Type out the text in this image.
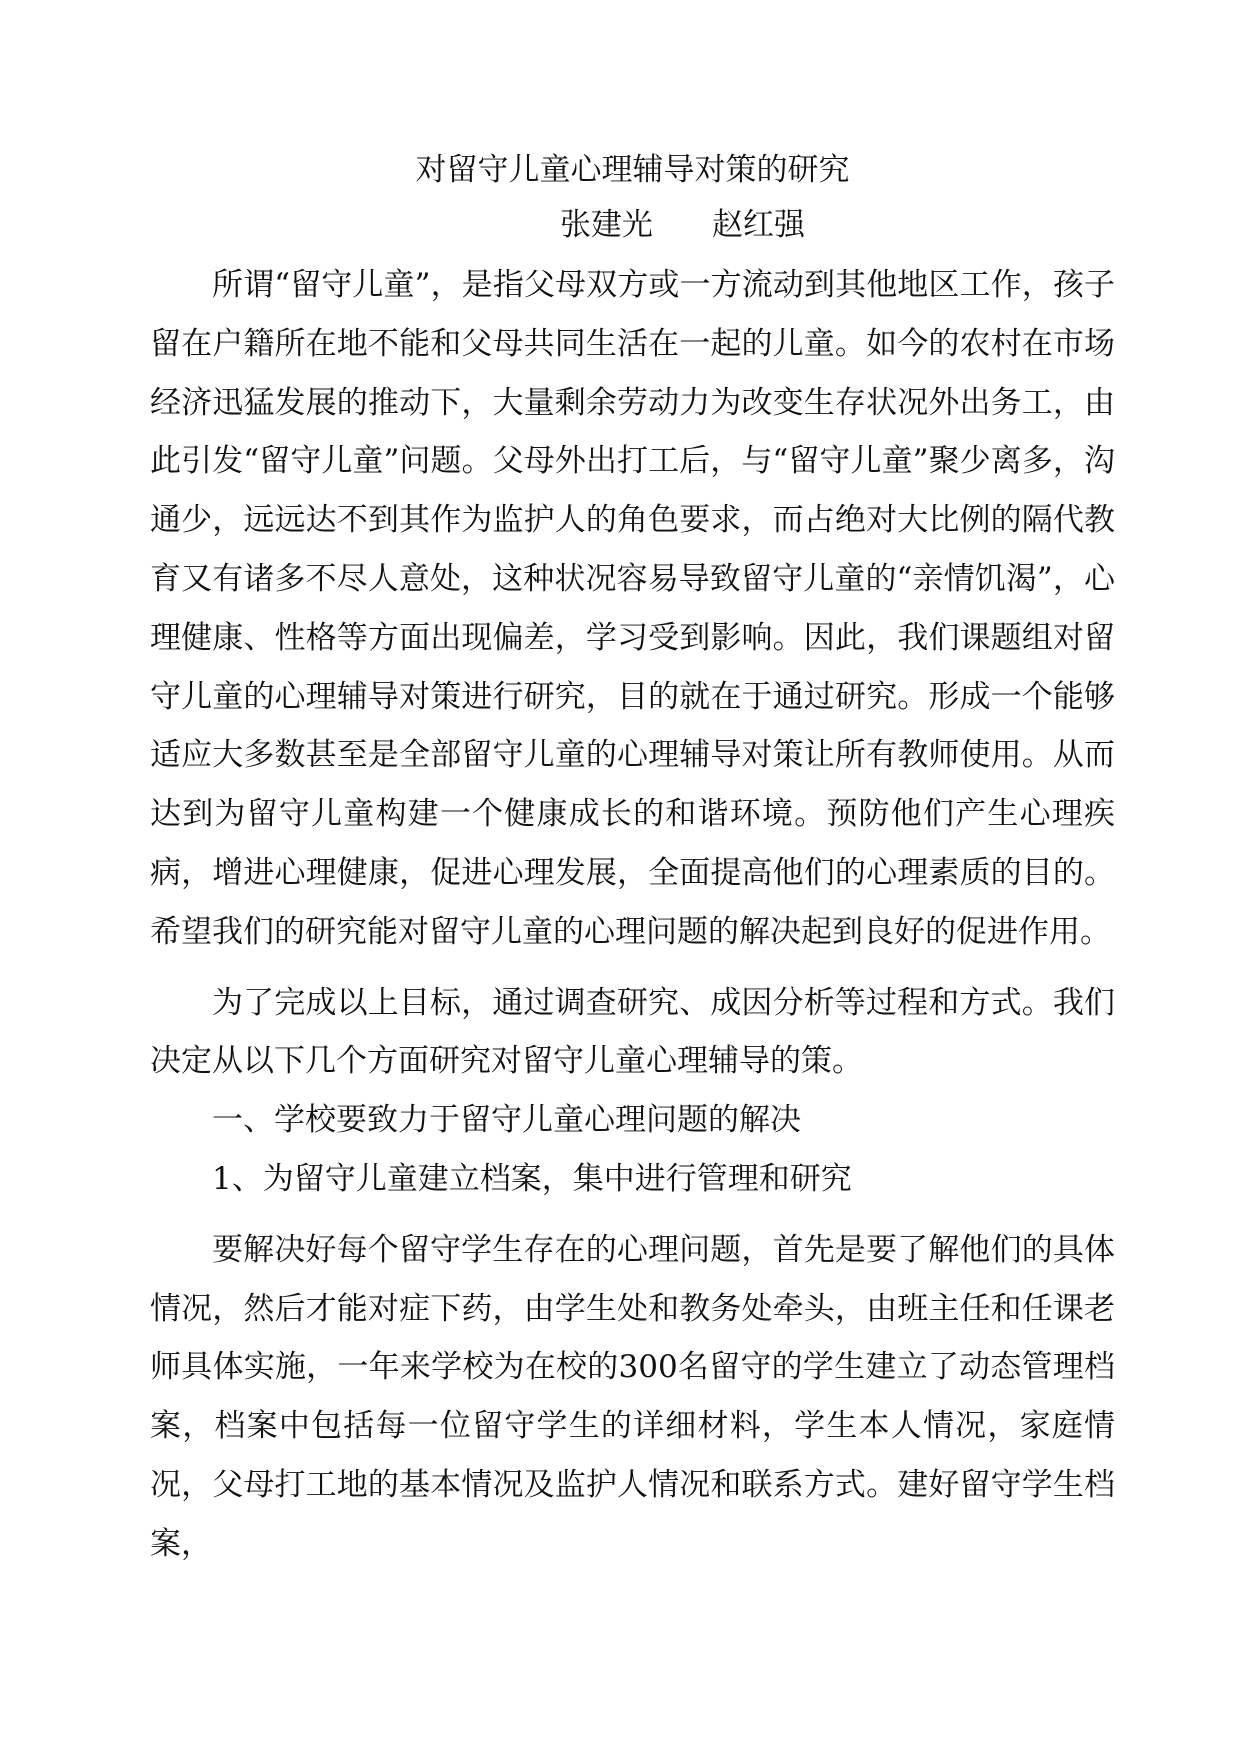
对留守儿童心理辅导对策的研究

张建光      赵红强

所谓“留守儿童”，是指父母双方或一方流动到其他地区工作，孩子留在户籍所在地不能和父母共同生活在一起的儿童。如今的农村在市场经济迅猛发展的推动下，大量剩余劳动力为改变生存状况外出务工，由此引发“留守儿童”问题。父母外出打工后，与“留守儿童”聚少离多，沟通少，远远达不到其作为监护人的角色要求，而占绝对大比例的隔代教育又有诸多不尽人意处，这种状况容易导致留守儿童的“亲情饥渴”，心理健康、性格等方面出现偏差，学习受到影响。因此，我们课题组对留守儿童的心理辅导对策进行研究，目的就在于通过研究。形成一个能够适应大多数甚至是全部留守儿童的心理辅导对策让所有教师使用。从而达到为留守儿童构建一个健康成长的和谐环境。预防他们产生心理疾病，增进心理健康，促进心理发展，全面提高他们的心理素质的目的。希望我们的研究能对留守儿童的心理问题的解决起到良好的促进作用。

为了完成以上目标，通过调查研究、成因分析等过程和方式。我们决定从以下几个方面研究对留守儿童心理辅导的策。

一、学校要致力于留守儿童心理问题的解决

1、为留守儿童建立档案，集中进行管理和研究

要解决好每个留守学生存在的心理问题，首先是要了解他们的具体情况，然后才能对症下药，由学生处和教务处牵头，由班主任和任课老师具体实施，一年来学校为在校的300名留守的学生建立了动态管理档案，档案中包括每一位留守学生的详细材料，学生本人情况，家庭情况，父母打工地的基本情况及监护人情况和联系方式。建好留守学生档案，
